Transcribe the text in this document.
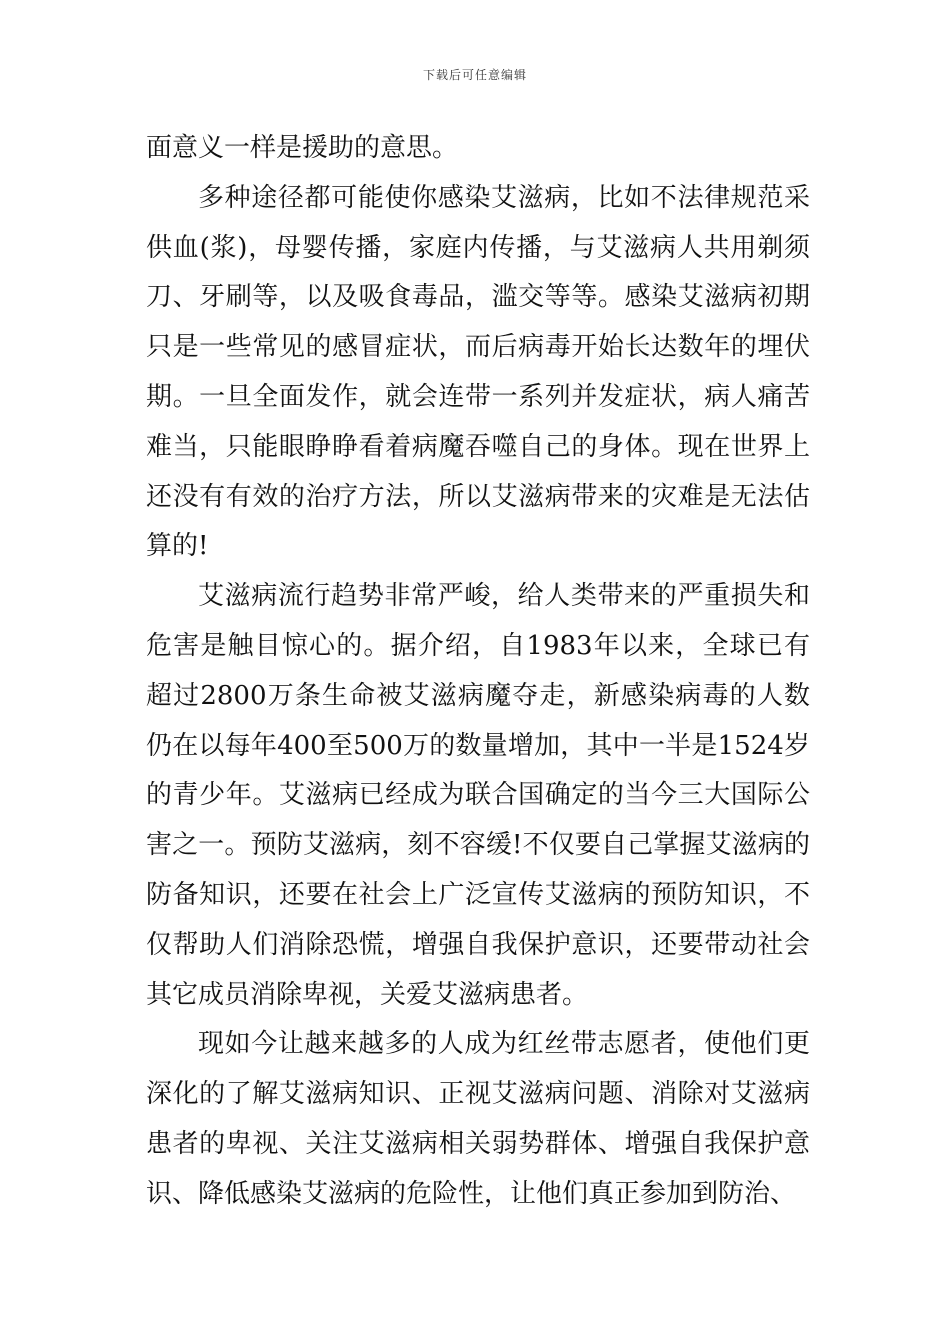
下载后可任意编辑

面意义一样是援助的意思。

多种途径都可能使你感染艾滋病，比如不法律规范采供血(浆)，母婴传播，家庭内传播，与艾滋病人共用剃须刀、牙刷等，以及吸食毒品，滥交等等。感染艾滋病初期只是一些常见的感冒症状，而后病毒开始长达数年的埋伏期。一旦全面发作，就会连带一系列并发症状，病人痛苦难当，只能眼睁睁看着病魔吞噬自己的身体。现在世界上还没有有效的治疗方法，所以艾滋病带来的灾难是无法估算的!

艾滋病流行趋势非常严峻，给人类带来的严重损失和危害是触目惊心的。据介绍，自1983年以来，全球已有超过2800万条生命被艾滋病魔夺走，新感染病毒的人数仍在以每年400至500万的数量增加，其中一半是1524岁的青少年。艾滋病已经成为联合国确定的当今三大国际公害之一。预防艾滋病，刻不容缓!不仅要自己掌握艾滋病的防备知识，还要在社会上广泛宣传艾滋病的预防知识，不仅帮助人们消除恐慌，增强自我保护意识，还要带动社会其它成员消除卑视，关爱艾滋病患者。

现如今让越来越多的人成为红丝带志愿者，使他们更深化的了解艾滋病知识、正视艾滋病问题、消除对艾滋病患者的卑视、关注艾滋病相关弱势群体、增强自我保护意识、降低感染艾滋病的危险性，让他们真正参加到防治、
